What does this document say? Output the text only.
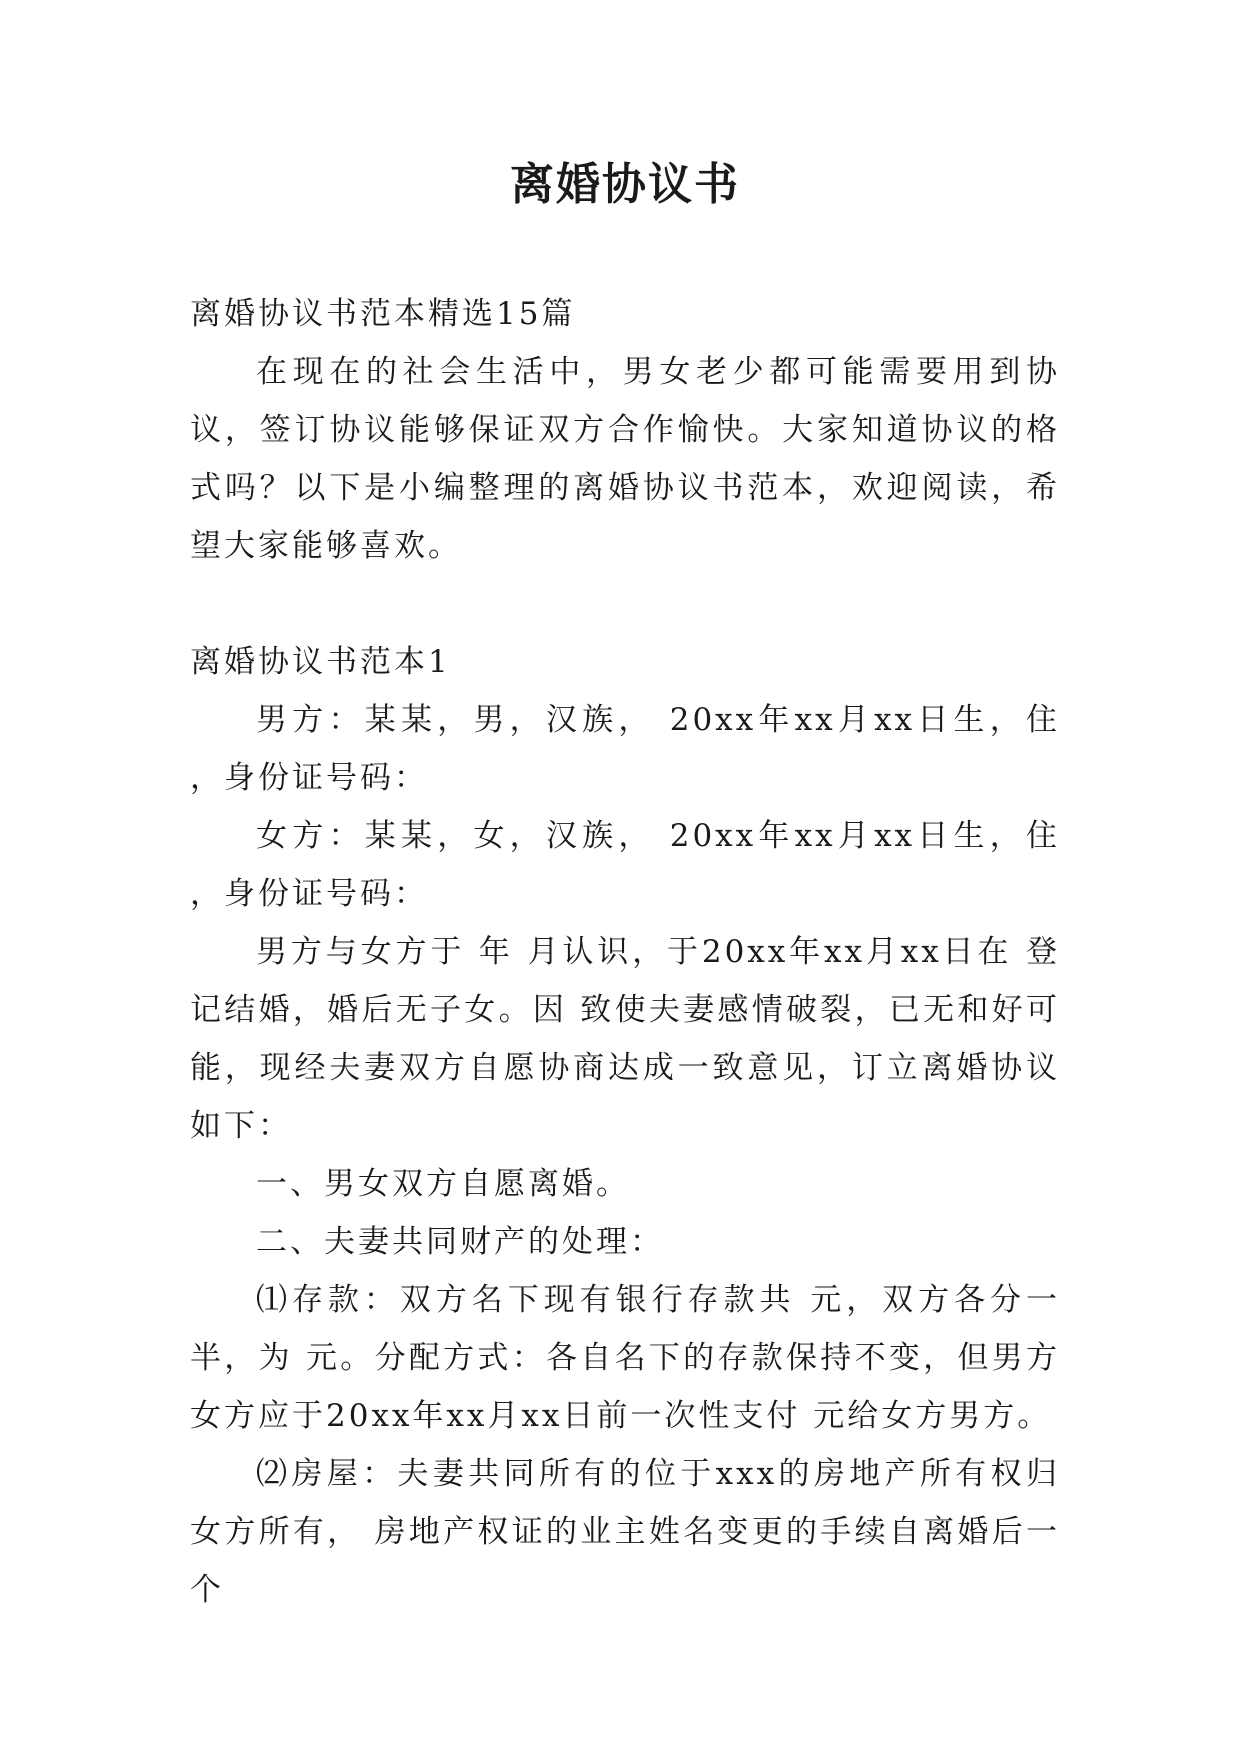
离婚协议书

离婚协议书范本精选15篇

在现在的社会生活中，男女老少都可能需要用到协议，签订协议能够保证双方合作愉快。大家知道协议的格式吗？以下是小编整理的离婚协议书范本，欢迎阅读，希望大家能够喜欢。

离婚协议书范本1

男方：某某，男，汉族， 20xx年xx月xx日生，住 ，身份证号码：

女方：某某，女，汉族， 20xx年xx月xx日生，住 ，身份证号码：

男方与女方于 年 月认识，于20xx年xx月xx日在 登记结婚，婚后无子女。因 致使夫妻感情破裂，已无和好可能，现经夫妻双方自愿协商达成一致意见，订立离婚协议如下：

一、男女双方自愿离婚。

二、夫妻共同财产的处理：

⑴存款：双方名下现有银行存款共 元，双方各分一半，为 元。分配方式：各自名下的存款保持不变，但男方女方应于20xx年xx月xx日前一次性支付 元给女方男方。

⑵房屋：夫妻共同所有的位于xxx的房地产所有权归女方所有， 房地产权证的业主姓名变更的手续自离婚后一个
